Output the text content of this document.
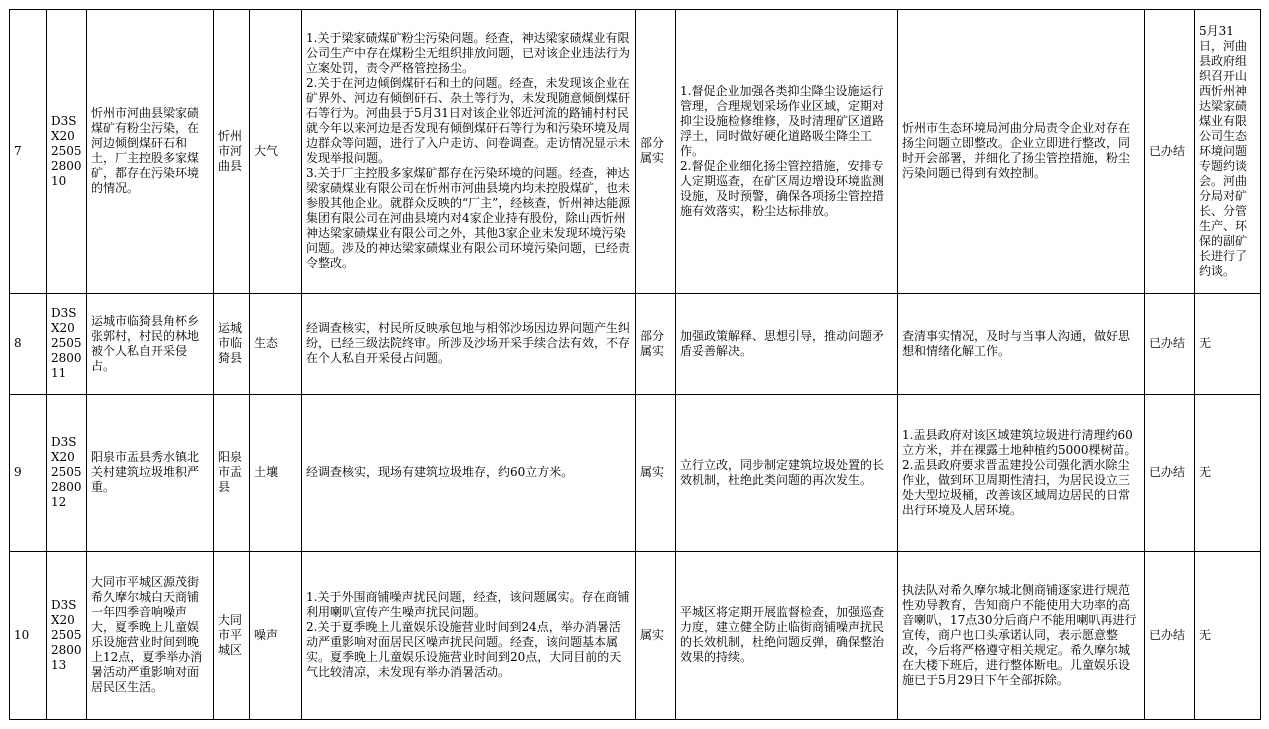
7	D3SX202505280010	忻州市河曲县梁家碛煤矿有粉尘污染，在河边倾倒煤矸石和土，厂主控股多家煤矿，都存在污染环境的情况。	忻州市河曲县	大气	1.关于梁家碛煤矿粉尘污染问题。经查，神达梁家碛煤业有限公司生产中存在煤粉尘无组织排放问题，已对该企业违法行为立案处罚，责令严格管控扬尘。
2.关于在河边倾倒煤矸石和土的问题。经查，未发现该企业在矿界外、河边有倾倒矸石、杂土等行为，未发现随意倾倒煤矸石等行为。河曲县于5月31日对该企业邻近河流的路铺村村民就今年以来河边是否发现有倾倒煤矸石等行为和污染环境及周边群众等问题，进行了入户走访、问卷调查。走访情况显示未发现举报问题。
3.关于厂主控股多家煤矿都存在污染环境的问题。经查，神达梁家碛煤业有限公司在忻州市河曲县境内均未控股煤矿，也未参股其他企业。就群众反映的“厂主”，经核查，忻州神达能源集团有限公司在河曲县境内对4家企业持有股份，除山西忻州神达梁家碛煤业有限公司之外，其他3家企业未发现环境污染问题。涉及的神达梁家碛煤业有限公司环境污染问题，已经责令整改。	部分属实	1.督促企业加强各类抑尘降尘设施运行管理，合理规划采场作业区域，定期对抑尘设施检修维修，及时清理矿区道路浮土，同时做好硬化道路吸尘降尘工作。
2.督促企业细化扬尘管控措施，安排专人定期巡查，在矿区周边增设环境监测设施，及时预警，确保各项扬尘管控措施有效落实，粉尘达标排放。	忻州市生态环境局河曲分局责令企业对存在扬尘问题立即整改。企业立即进行整改，同时开会部署，并细化了扬尘管控措施，粉尘污染问题已得到有效控制。	已办结	5月31日，河曲县政府组织召开山西忻州神达梁家碛煤业有限公司生态环境问题专题约谈会。河曲分局对矿长、分管生产、环保的副矿长进行了约谈。

8	D3SX202505280011	运城市临猗县角杯乡张郭村，村民的林地被个人私自开采侵占。	运城市临猗县	生态	经调查核实，村民所反映承包地与相邻沙场因边界问题产生纠纷，已经三级法院终审。所涉及沙场开采手续合法有效，不存在个人私自开采侵占问题。	部分属实	加强政策解释、思想引导，推动问题矛盾妥善解决。	查清事实情况，及时与当事人沟通，做好思想和情绪化解工作。	已办结	无

9	D3SX202505280012	阳泉市盂县秀水镇北关村建筑垃圾堆积严重。	阳泉市盂县	土壤	经调查核实，现场有建筑垃圾堆存，约60立方米。	属实	立行立改，同步制定建筑垃圾处置的长效机制，杜绝此类问题的再次发生。	1.盂县政府对该区域建筑垃圾进行清理约60立方米，并在裸露土地种植约5000棵树苗。
2.盂县政府要求晋盂建投公司强化洒水除尘作业，做到环卫周期性清扫，为居民设立三处大型垃圾桶，改善该区域周边居民的日常出行环境及人居环境。	已办结	无

10	D3SX202505280013	大同市平城区源茂街希久摩尔城白天商铺一年四季音响噪声大，夏季晚上儿童娱乐设施营业时间到晚上12点，夏季举办消暑活动严重影响对面居民区生活。	大同市平城区	噪声	1.关于外围商铺噪声扰民问题，经查，该问题属实。存在商铺利用喇叭宣传产生噪声扰民问题。
2.关于夏季晚上儿童娱乐设施营业时间到24点，举办消暑活动严重影响对面居民区噪声扰民问题。经查，该问题基本属实。夏季晚上儿童娱乐设施营业时间到20点，大同目前的天气比较清凉，未发现有举办消暑活动。	属实	平城区将定期开展监督检查，加强巡查力度，建立健全防止临街商铺噪声扰民的长效机制，杜绝问题反弹，确保整治效果的持续。	执法队对希久摩尔城北侧商铺逐家进行规范性劝导教育，告知商户不能使用大功率的高音喇叭，17点30分后商户不能用喇叭再进行宣传，商户也口头承诺认同，表示愿意整改，今后将严格遵守相关规定。希久摩尔城在大楼下班后，进行整体断电。儿童娱乐设施已于5月29日下午全部拆除。	已办结	无
